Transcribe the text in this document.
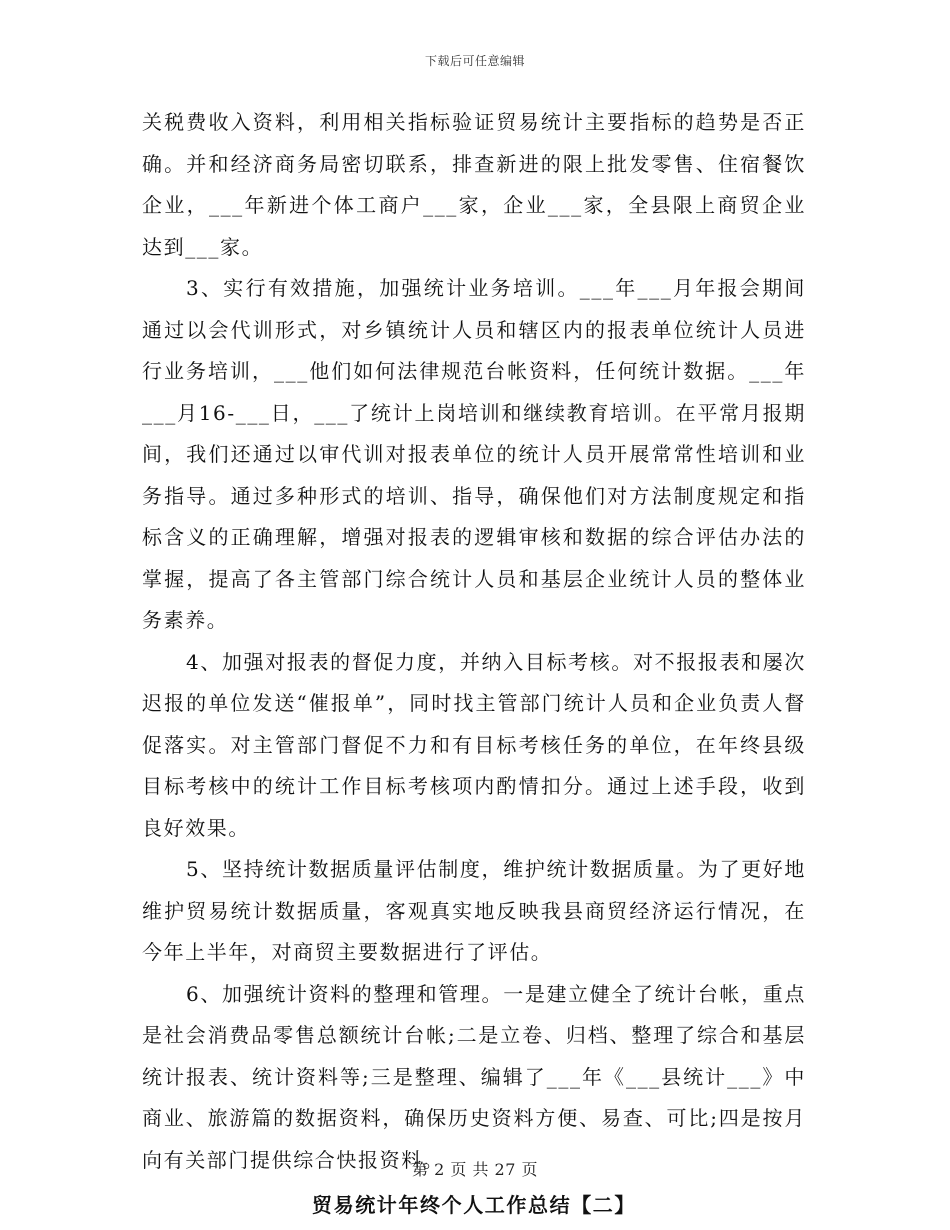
下载后可任意编辑

关税费收入资料，利用相关指标验证贸易统计主要指标的趋势是否正确。并和经济商务局密切联系，排查新进的限上批发零售、住宿餐饮企业，___年新进个体工商户___家，企业___家，全县限上商贸企业达到___家。

3、实行有效措施，加强统计业务培训。___年___月年报会期间通过以会代训形式，对乡镇统计人员和辖区内的报表单位统计人员进行业务培训，___他们如何法律规范台帐资料，任何统计数据。___年___月16-___日，___了统计上岗培训和继续教育培训。在平常月报期间，我们还通过以审代训对报表单位的统计人员开展常常性培训和业务指导。通过多种形式的培训、指导，确保他们对方法制度规定和指标含义的正确理解，增强对报表的逻辑审核和数据的综合评估办法的掌握，提高了各主管部门综合统计人员和基层企业统计人员的整体业务素养。

4、加强对报表的督促力度，并纳入目标考核。对不报报表和屡次迟报的单位发送“催报单”，同时找主管部门统计人员和企业负责人督促落实。对主管部门督促不力和有目标考核任务的单位，在年终县级目标考核中的统计工作目标考核项内酌情扣分。通过上述手段，收到良好效果。

5、坚持统计数据质量评估制度，维护统计数据质量。为了更好地维护贸易统计数据质量，客观真实地反映我县商贸经济运行情况，在今年上半年，对商贸主要数据进行了评估。

6、加强统计资料的整理和管理。一是建立健全了统计台帐，重点是社会消费品零售总额统计台帐;二是立卷、归档、整理了综合和基层统计报表、统计资料等;三是整理、编辑了___年《___县统计___》中商业、旅游篇的数据资料，确保历史资料方便、易查、可比;四是按月向有关部门提供综合快报资料。

贸易统计年终个人工作总结【二】
第 2 页 共 27 页
